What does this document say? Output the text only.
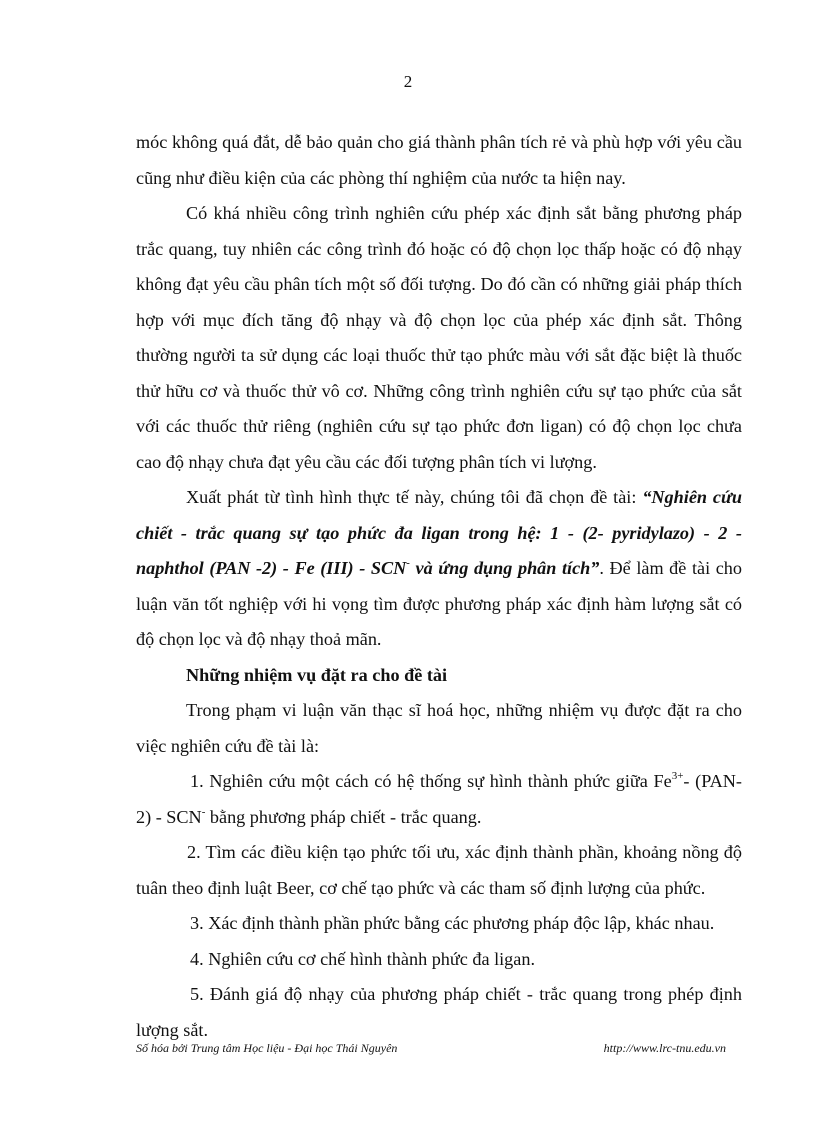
2

móc không quá đắt, dễ bảo quản cho giá thành phân tích rẻ và phù hợp với yêu cầu cũng như điều kiện của các phòng thí nghiệm của nước ta hiện nay.

Có khá nhiều công trình nghiên cứu phép xác định sắt bằng phương pháp trắc quang, tuy nhiên các công trình đó hoặc có độ chọn lọc thấp hoặc có độ nhạy không đạt yêu cầu phân tích một số đối tượng. Do đó cần có những giải pháp thích hợp với mục đích tăng độ nhạy và độ chọn lọc của phép xác định sắt. Thông thường người ta sử dụng các loại thuốc thử tạo phức màu với sắt đặc biệt là thuốc thử hữu cơ và thuốc thử vô cơ. Những công trình nghiên cứu sự tạo phức của sắt với các thuốc thử riêng (nghiên cứu sự tạo phức đơn ligan) có độ chọn lọc chưa cao độ nhạy chưa đạt yêu cầu các đối tượng phân tích vi lượng.

Xuất phát từ tình hình thực tế này, chúng tôi đã chọn đề tài: “Nghiên cứu chiết - trắc quang sự tạo phức đa ligan trong hệ: 1 - (2- pyridylazo) - 2 - naphthol (PAN -2) - Fe (III) - SCN- và ứng dụng phân tích”. Để làm đề tài cho luận văn tốt nghiệp với hi vọng tìm được phương pháp xác định hàm lượng sắt có độ chọn lọc và độ nhạy thoả mãn.

Những nhiệm vụ đặt ra cho đề tài

Trong phạm vi luận văn thạc sĩ hoá học, những nhiệm vụ được đặt ra cho việc nghiên cứu đề tài là:

1. Nghiên cứu một cách có hệ thống sự hình thành phức giữa $Fe^{3+}-$ (PAN- 2) - SCN- bằng phương pháp chiết - trắc quang.

2. Tìm các điều kiện tạo phức tối ưu, xác định thành phần, khoảng nồng độ tuân theo định luật Beer, cơ chế tạo phức và các tham số định lượng của phức.

3. Xác định thành phần phức bằng các phương pháp độc lập, khác nhau.

4. Nghiên cứu cơ chế hình thành phức đa ligan.

5. Đánh giá độ nhạy của phương pháp chiết - trắc quang trong phép định lượng sắt.

Số hóa bởi Trung tâm Học liệu - Đại học Thái Nguyên	http://www.lrc-tnu.edu.vn
